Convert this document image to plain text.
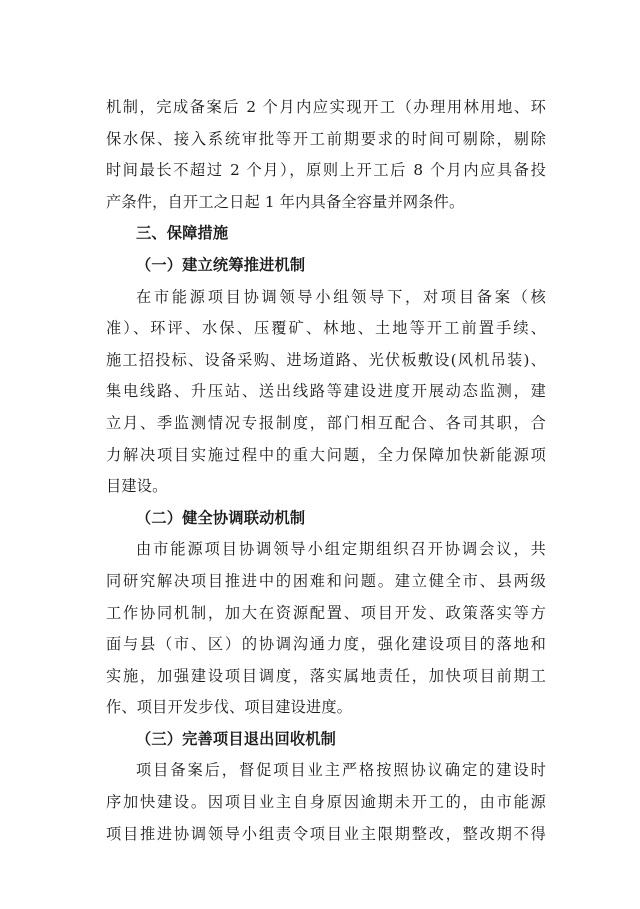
机制，完成备案后 2 个月内应实现开工（办理用林用地、环
保水保、接入系统审批等开工前期要求的时间可剔除，剔除
时间最长不超过 2 个月），原则上开工后 8 个月内应具备投
产条件，自开工之日起 1 年内具备全容量并网条件。
三、保障措施
（一）建立统筹推进机制
在市能源项目协调领导小组领导下，对项目备案（核
准）、环评、水保、压覆矿、林地、土地等开工前置手续、
施工招投标、设备采购、进场道路、光伏板敷设(风机吊装)、
集电线路、升压站、送出线路等建设进度开展动态监测，建
立月、季监测情况专报制度，部门相互配合、各司其职，合
力解决项目实施过程中的重大问题，全力保障加快新能源项
目建设。
（二）健全协调联动机制
由市能源项目协调领导小组定期组织召开协调会议，共
同研究解决项目推进中的困难和问题。建立健全市、县两级
工作协同机制，加大在资源配置、项目开发、政策落实等方
面与县（市、区）的协调沟通力度，强化建设项目的落地和
实施，加强建设项目调度，落实属地责任，加快项目前期工
作、项目开发步伐、项目建设进度。
（三）完善项目退出回收机制
项目备案后，督促项目业主严格按照协议确定的建设时
序加快建设。因项目业主自身原因逾期未开工的，由市能源
项目推进协调领导小组责令项目业主限期整改，整改期不得
